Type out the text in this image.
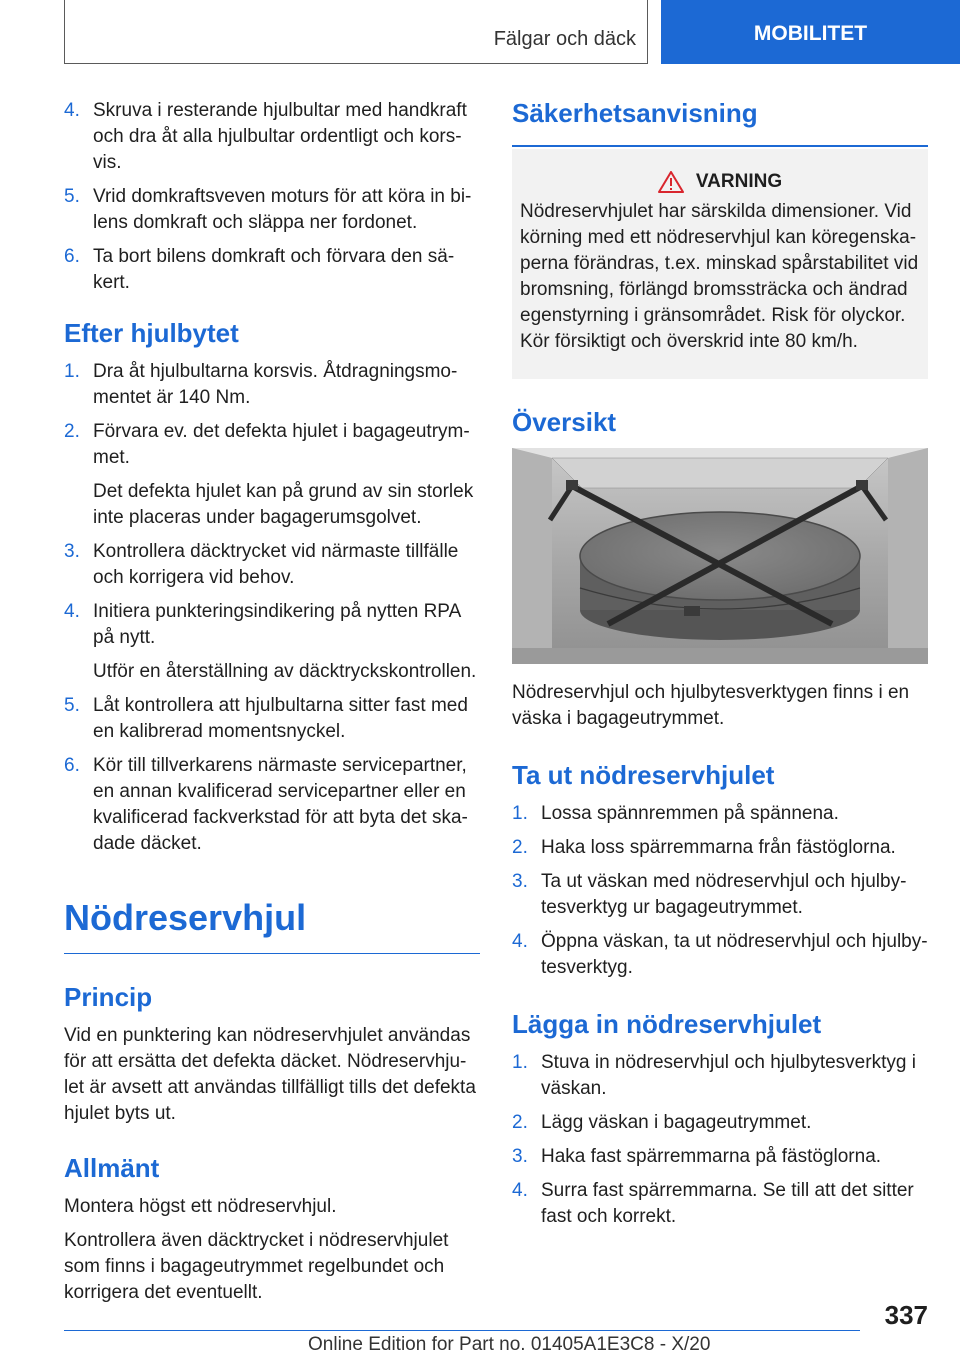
Fälgar och däck	MOBILITET
4. Skruva i resterande hjulbultar med handkraft och dra åt alla hjulbultar ordentligt och kors-vis.
5. Vrid domkraftsveven moturs för att köra in bi-lens domkraft och släppa ner fordonet.
6. Ta bort bilens domkraft och förvara den sä-kert.
Efter hjulbytet
1. Dra åt hjulbultarna korsvis. Åtdragningsmo-mentet är 140 Nm.
2. Förvara ev. det defekta hjulet i bagageutrym-met.
Det defekta hjulet kan på grund av sin storlek inte placeras under bagagerumsgolvet.
3. Kontrollera däcktrycket vid närmaste tillfälle och korrigera vid behov.
4. Initiera punkteringsindikering på nytten RPA på nytt.
Utför en återställning av däcktryckskontrollen.
5. Låt kontrollera att hjulbultarna sitter fast med en kalibrerad momentsnyckel.
6. Kör till tillverkarens närmaste servicepartner, en annan kvalificerad servicepartner eller en kvalificerad fackverkstad för att byta det ska-dade däcket.
Nödreservhjul
Princip

Vid en punktering kan nödreservhjulet användas för att ersätta det defekta däcket. Nödreservhju-let är avsett att användas tillfälligt tills det defekta hjulet byts ut.

Allmänt

Montera högst ett nödreservhjul.

Kontrollera även däcktrycket i nödreservhjulet som finns i bagageutrymmet regelbundet och korrigera det eventuellt.

Säkerhetsanvisning
VARNING
Nödreservhjulet har särskilda dimensioner. Vid körning med ett nödreservhjul kan köregenska-perna förändras, t.ex. minskad spårstabilitet vid bromsning, förlängd bromssträcka och ändrad egenstyrning i gränsområdet. Risk för olyckor. Kör försiktigt och överskrid inte 80 km/h.
Översikt

Nödreservhjul och hjulbytesverktygen finns i en väska i bagageutrymmet.

Ta ut nödreservhjulet
1. Lossa spännremmen på spännena.
2. Haka loss spärremmarna från fästöglorna.
3. Ta ut väskan med nödreservhjul och hjulby-tesverktyg ur bagageutrymmet.
4. Öppna väskan, ta ut nödreservhjul och hjulby-tesverktyg.
Lägga in nödreservhjulet
1. Stuva in nödreservhjul och hjulbytesverktyg i väskan.
2. Lägg väskan i bagageutrymmet.
3. Haka fast spärremmarna på fästöglorna.
4. Surra fast spärremmarna. Se till att det sitter fast och korrekt.
337
Online Edition for Part no. 01405A1E3C8 - X/20
